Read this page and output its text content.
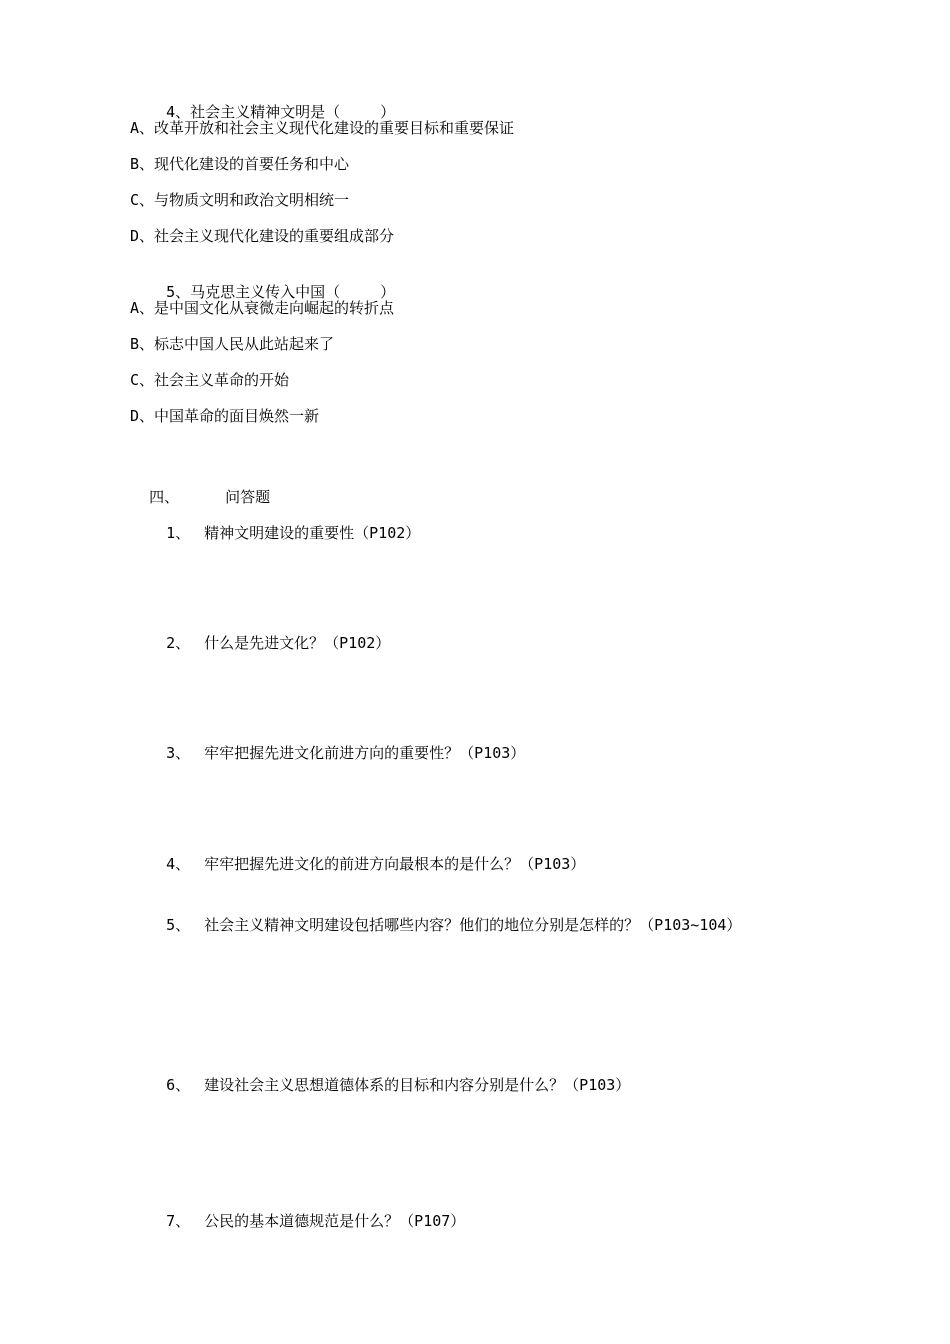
4、社会主义精神文明是（	）

A、改革开放和社会主义现代化建设的重要目标和重要保证
B、现代化建设的首要任务和中心
C、与物质文明和政治文明相统一
D、社会主义现代化建设的重要组成部分

5、马克思主义传入中国（	）

A、是中国文化从衰微走向崛起的转折点
B、标志中国人民从此站起来了
C、社会主义革命的开始
D、中国革命的面目焕然一新

四、	问答题

1、 精神文明建设的重要性（P102）

2、 什么是先进文化？（P102）

3、 牢牢把握先进文化前进方向的重要性？（P103）

4、 牢牢把握先进文化的前进方向最根本的是什么？（P103）

5、 社会主义精神文明建设包括哪些内容？他们的地位分别是怎样的？（P103~104）

6、 建设社会主义思想道德体系的目标和内容分别是什么？（P103）

7、 公民的基本道德规范是什么？（P107）
